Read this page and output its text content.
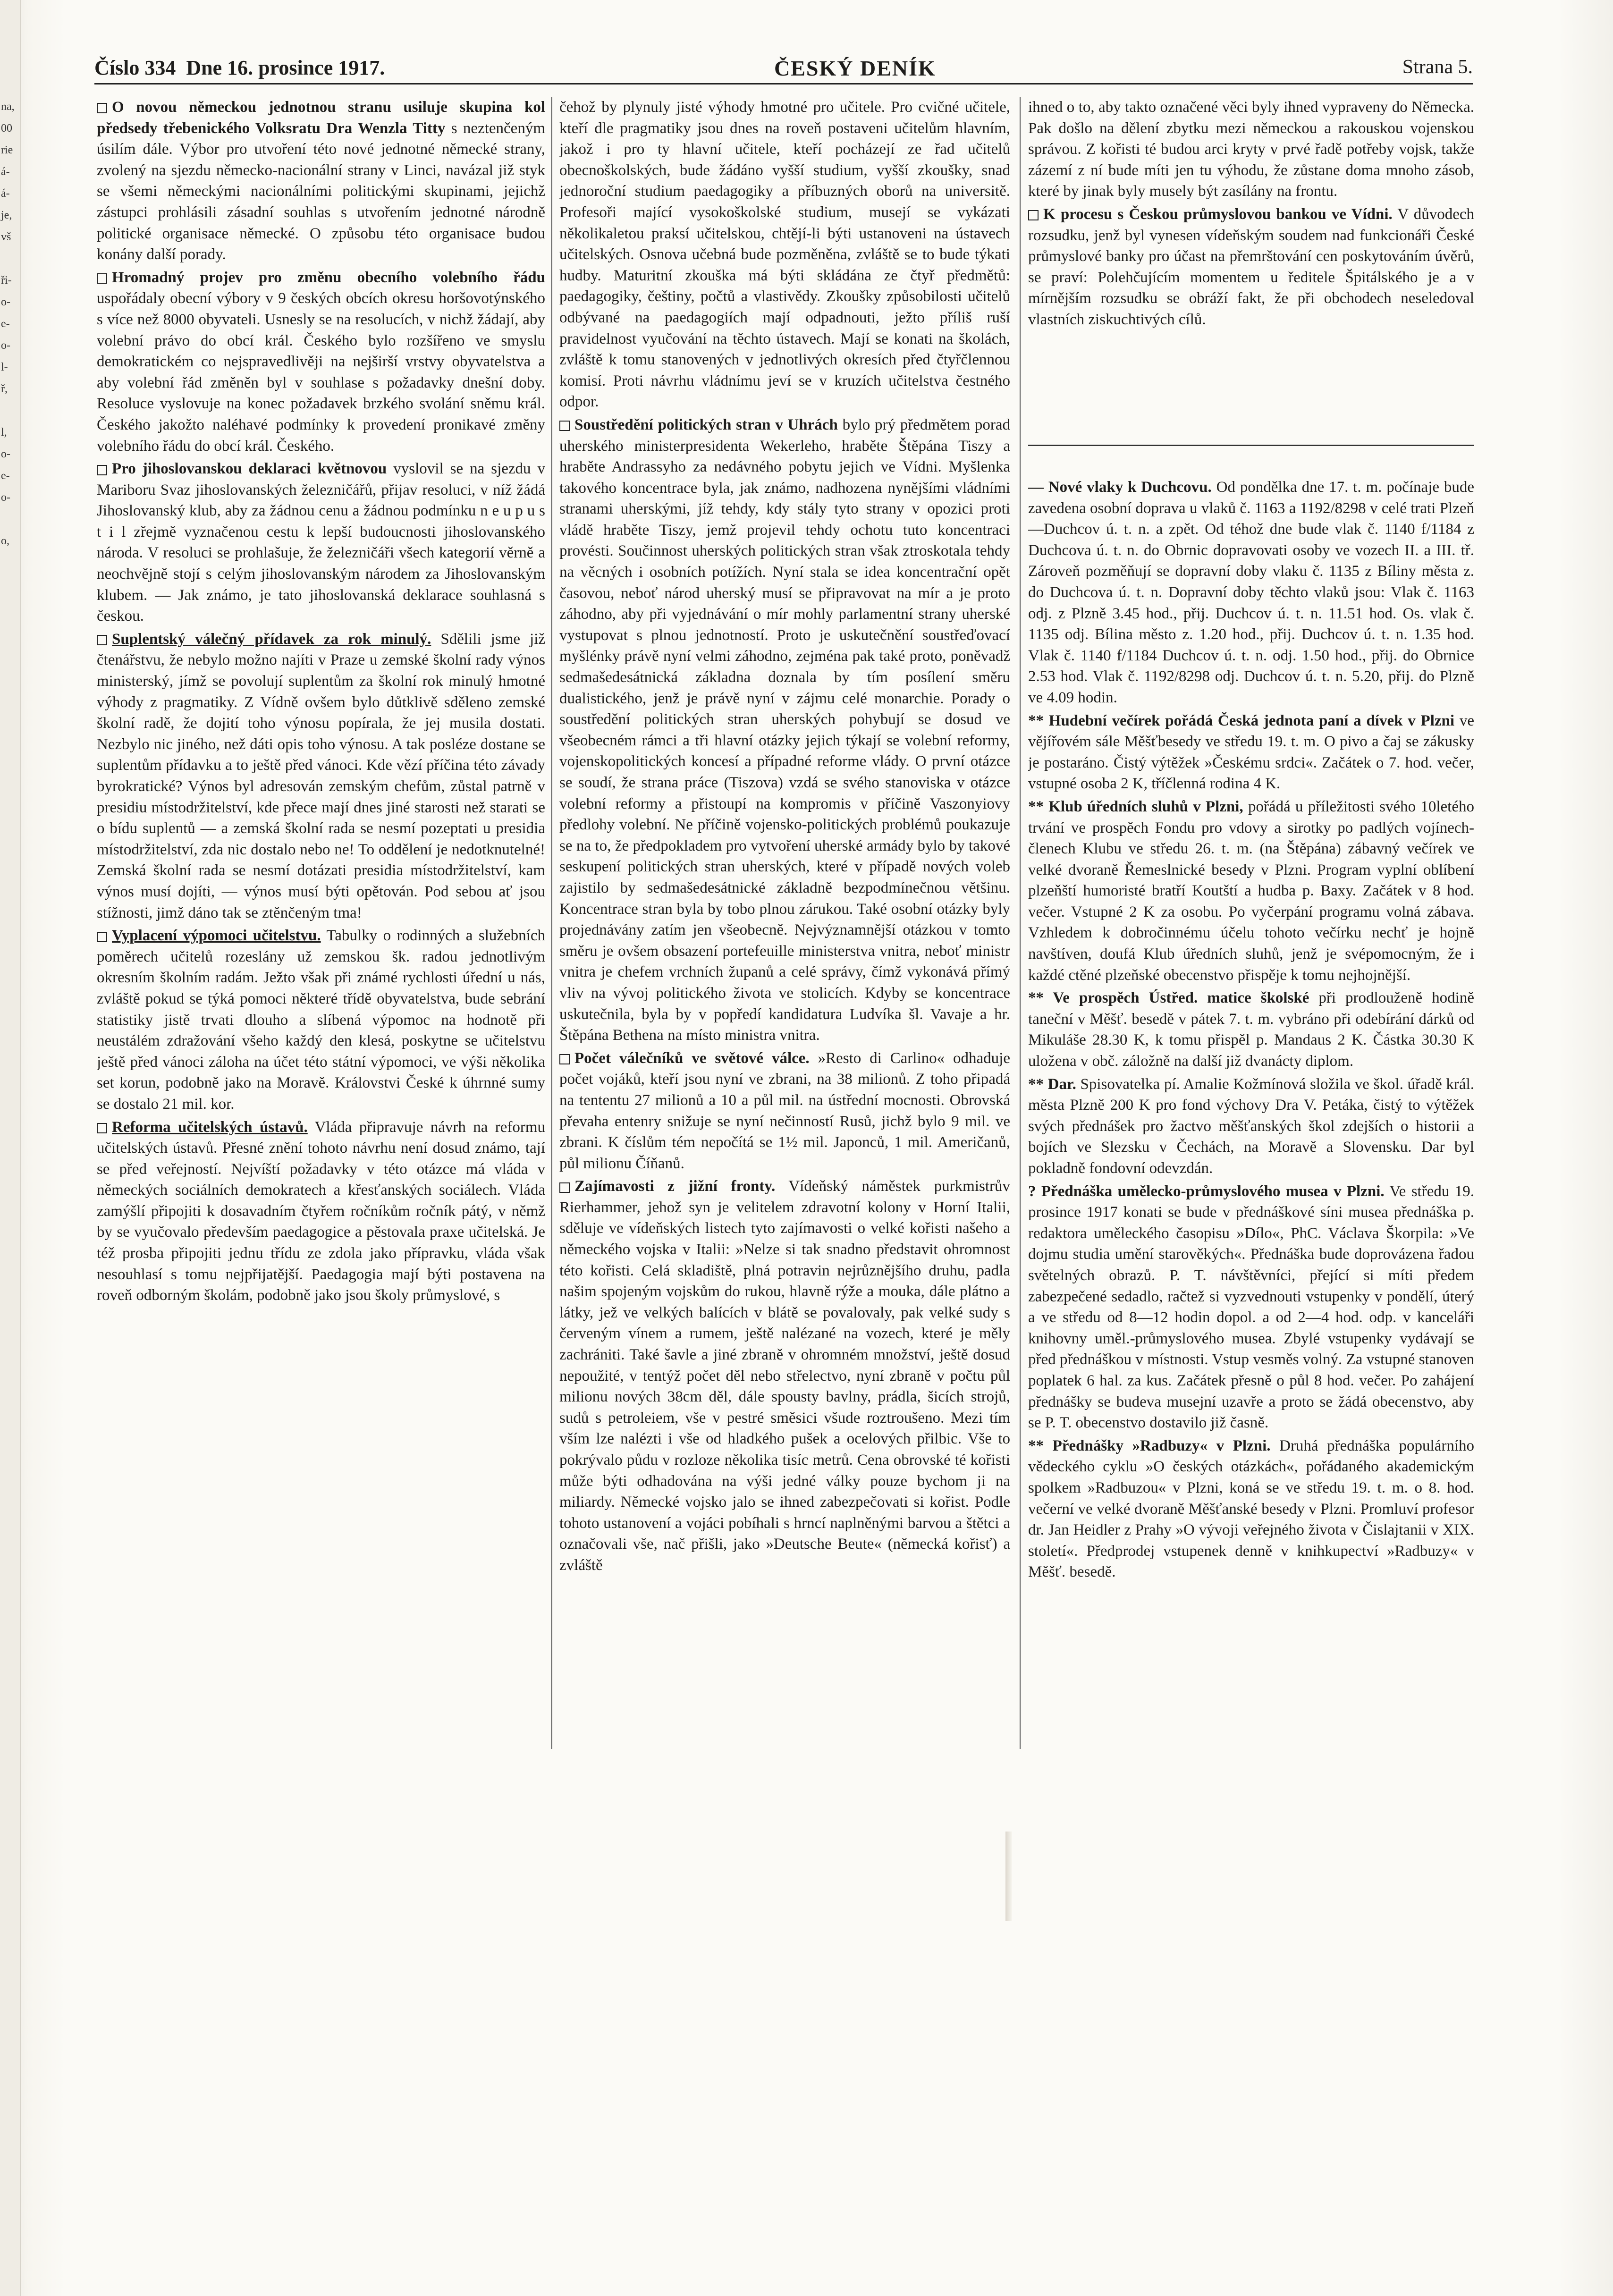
na,
00
rie
á-
á-
je,
vš
ři-
o-
e-
o-
l-
ř,
l,
o-
e-
o-
o,
Číslo 334 Dne 16. prosince 1917.	ČESKÝ DENÍK	Strana 5.

O novou německou jednotnou stranu usiluje skupina kol předsedy třebenického Volksratu Dra Wenzla Titty s neztenčeným úsilím dále. Výbor pro utvoření této nové jednotné německé strany, zvolený na sjezdu německo-nacionální strany v Linci, navázal již styk se všemi německými nacionálními politickými skupinami, jejichž zástupci prohlásili zásadní souhlas s utvořením jednotné národně politické organisace německé. O způsobu této organisace budou konány další porady.

Hromadný projev pro změnu obecního volebního řádu uspořádaly obecní výbory v 9 českých obcích okresu horšovotýnského s více než 8000 obyvateli. Usnesly se na resolucích, v nichž žádají, aby volební právo do obcí král. Českého bylo rozšířeno ve smyslu demokratickém co nejspravedlivěji na nejširší vrstvy obyvatelstva a aby volební řád změněn byl v souhlase s požadavky dnešní doby. Resoluce vyslovuje na konec požadavek brzkého svolání sněmu král. Českého jakožto naléhavé podmínky k provedení pronikavé změny volebního řádu do obcí král. Českého.

Pro jihoslovanskou deklaraci květnovou vyslovil se na sjezdu v Mariboru Svaz jihoslovanských železničářů, přijav resoluci, v níž žádá Jihoslovanský klub, aby za žádnou cenu a žádnou podmínku n e u p u s t i l zřejmě vyznačenou cestu k lepší budoucnosti jihoslovanského národa. V resoluci se prohlašuje, že železničáři všech kategorií věrně a neochvějně stojí s celým jihoslovanským národem za Jihoslovanským klubem. — Jak známo, je tato jihoslovanská deklarace souhlasná s českou.

Suplentský válečný přídavek za rok minulý. Sdělili jsme již čtenářstvu, že nebylo možno najíti v Praze u zemské školní rady výnos ministerský, jímž se povolují suplentům za školní rok minulý hmotné výhody z pragmatiky. Z Vídně ovšem bylo důtklivě sděleno zemské školní radě, že dojití toho výnosu popírala, že jej musila dostati. Nezbylo nic jiného, než dáti opis toho výnosu. A tak posléze dostane se suplentům přídavku a to ještě před vánoci. Kde vězí příčina této závady byrokratické? Výnos byl adresován zemským chefům, zůstal patrně v presidiu místodržitelství, kde přece mají dnes jiné starosti než starati se o bídu suplentů — a zemská školní rada se nesmí pozeptati u presidia místodržitelství, zda nic dostalo nebo ne! To oddělení je nedotknutelné! Zemská školní rada se nesmí dotázati presidia místodržitelství, kam výnos musí dojíti, — výnos musí býti opětován. Pod sebou ať jsou stížnosti, jimž dáno tak se ztěnčeným tma!

Vyplacení výpomoci učitelstvu. Tabulky o rodinných a služebních poměrech učitelů rozeslány už zemskou šk. radou jednotlivým okresním školním radám. Ježto však při známé rychlosti úřední u nás, zvláště pokud se týká pomoci některé třídě obyvatelstva, bude sebrání statistiky jistě trvati dlouho a slíbená výpomoc na hodnotě při neustálém zdražování všeho každý den klesá, poskytne se učitelstvu ještě před vánoci záloha na účet této státní výpomoci, ve výši několika set korun, podobně jako na Moravě. Královstvi České k úhrnné sumy se dostalo 21 mil. kor.

Reforma učitelských ústavů. Vláda připravuje návrh na reformu učitelských ústavů. Přesné znění tohoto návrhu není dosud známo, tají se před veřejností. Nejvíští požadavky v této otázce má vláda v německých sociálních demokratech a křesťanských sociálech. Vláda zamýšlí připojiti k dosavadním čtyřem ročníkům ročník pátý, v němž by se vyučovalo především paedagogice a pěstovala praxe učitelská. Je též prosba připojiti jednu třídu ze zdola jako přípravku, vláda však nesouhlasí s tomu nejpřijatější. Paedagogia mají býti postavena na roveň odborným školám, podobně jako jsou školy průmyslové, s

čehož by plynuly jisté výhody hmotné pro učitele. Pro cvičné učitele, kteří dle pragmatiky jsou dnes na roveň postaveni učitelům hlavním, jakož i pro ty hlavní učitele, kteří pocházejí ze řad učitelů obecnoškolských, bude žádáno vyšší studium, vyšší zkoušky, snad jednoroční studium paedagogiky a příbuzných oborů na universitě. Profesoři mající vysokoškolské studium, musejí se vykázati několikaletou praksí učitelskou, chtějí-li býti ustanoveni na ústavech učitelských. Osnova učebná bude pozměněna, zvláště se to bude týkati hudby. Maturitní zkouška má býti skládána ze čtyř předmětů: paedagogiky, češtiny, počtů a vlastivědy. Zkoušky způsobilosti učitelů odbývané na paedagogiích mají odpadnouti, ježto příliš ruší pravidelnost vyučování na těchto ústavech. Mají se konati na školách, zvláště k tomu stanovených v jednotlivých okresích před čtyřčlennou komisí. Proti návrhu vládnímu jeví se v kruzích učitelstva čestného odpor.

Soustředění politických stran v Uhrách bylo prý předmětem porad uherského ministerpresidenta Wekerleho, hraběte Štěpána Tiszy a hraběte Andrassyho za nedávného pobytu jejich ve Vídni. Myšlenka takového koncentrace byla, jak známo, nadhozena nynějšími vládními stranami uherskými, jíž tehdy, kdy stály tyto strany v opozici proti vládě hraběte Tiszy, jemž projevil tehdy ochotu tuto koncentraci provésti. Součinnost uherských politických stran však ztroskotala tehdy na věcných i osobních potížích. Nyní stala se idea koncentrační opět časovou, neboť národ uherský musí se připravovat na mír a je proto záhodno, aby při vyjednávání o mír mohly parlamentní strany uherské vystupovat s plnou jednotností. Proto je uskutečnění soustřeďovací myšlénky právě nyní velmi záhodno, zejména pak také proto, poněvadž sedmašedesátnická základna doznala by tím posílení směru dualistického, jenž je právě nyní v zájmu celé monarchie. Porady o soustředění politických stran uherských pohybují se dosud ve všeobecném rámci a tři hlavní otázky jejich týkají se volební reformy, vojenskopolitických koncesí a případné reforme vlády. O první otázce se soudí, že strana práce (Tiszova) vzdá se svého stanoviska v otázce volební reformy a přistoupí na kompromis v příčině Vaszonyiovy předlohy volební. Ne příčině vojensko-politických problémů poukazuje se na to, že předpokladem pro vytvoření uherské armády bylo by takové seskupení politických stran uherských, které v případě nových voleb zajistilo by sedmašedesátnické základně bezpodmínečnou většinu. Koncentrace stran byla by tobo plnou zárukou. Také osobní otázky byly projednávány zatím jen všeobecně. Nejvýznamnější otázkou v tomto směru je ovšem obsazení portefeuille ministerstva vnitra, neboť ministr vnitra je chefem vrchních županů a celé správy, čímž vykonává přímý vliv na vývoj politického života ve stolicích. Kdyby se koncentrace uskutečnila, byla by v popředí kandidatura Ludvíka šl. Vavaje a hr. Štěpána Bethena na místo ministra vnitra.

Počet válečníků ve světové válce. »Resto di Carlino« odhaduje počet vojáků, kteří jsou nyní ve zbrani, na 38 milionů. Z toho připadá na tententu 27 milionů a 10 a půl mil. na ústřední mocnosti. Obrovská převaha entenry snižuje se nyní nečinností Rusů, jichž bylo 9 mil. ve zbrani. K číslům tém nepočítá se 1½ mil. Japonců, 1 mil. Američanů, půl milionu Číňanů.

Zajímavosti z jižní fronty. Vídeňský náměstek purkmistrův Rierhammer, jehož syn je velitelem zdravotní kolony v Horní Italii, sděluje ve vídeňských listech tyto zajímavosti o velké kořisti našeho a německého vojska v Italii: »Nelze si tak snadno představit ohromnost této kořisti. Celá skladiště, plná potravin nejrůznějšího druhu, padla našim spojeným vojskům do rukou, hlavně rýže a mouka, dále plátno a látky, jež ve velkých balících v blátě se povalovaly, pak velké sudy s červeným vínem a rumem, ještě nalézané na vozech, které je měly zachrániti. Také šavle a jiné zbraně v ohromném množství, ještě dosud nepoužité, v tentýž počet děl nebo střelectvo, nyní zbraně v počtu půl milionu nových 38cm děl, dále spousty bavlny, prádla, šicích strojů, sudů s petroleiem, vše v pestré směsici všude roztroušeno. Mezi tím vším lze nalézti i vše od hladkého pušek a ocelových přilbic. Vše to pokrývalo půdu v rozloze několika tisíc metrů. Cena obrovské té kořisti může býti odhadována na výši jedné války pouze bychom ji na miliardy. Německé vojsko jalo se ihned zabezpečovati si kořist. Podle tohoto ustanovení a vojáci pobíhali s hrncí naplněnými barvou a štětci a označovali vše, nač přišli, jako »Deutsche Beute« (německá kořisť) a zvláště

ihned o to, aby takto označené věci byly ihned vypraveny do Německa. Pak došlo na dělení zbytku mezi německou a rakouskou vojenskou správou. Z kořisti té budou arci kryty v prvé řadě potřeby vojsk, takže zázemí z ní bude míti jen tu výhodu, že zůstane doma mnoho zásob, které by jinak byly musely být zasílány na frontu.

K procesu s Českou průmyslovou bankou ve Vídni. V důvodech rozsudku, jenž byl vynesen vídeňským soudem nad funkcionáři České průmyslové banky pro účast na přemrštování cen poskytováním úvěrů, se praví: Polehčujícím momentem u ředitele Špitálského je a v mírnějším rozsudku se obráží fakt, že při obchodech neseledoval vlastních ziskuchtivých cílů.

— Nové vlaky k Duchcovu. Od pondělka dne 17. t. m. počínaje bude zavedena osobní doprava u vlaků č. 1163 a 1192/8298 v celé trati Plzeň—Duchcov ú. t. n. a zpět. Od téhož dne bude vlak č. 1140 f/1184 z Duchcova ú. t. n. do Obrnic dopravovati osoby ve vozech II. a III. tř. Zároveň pozměňují se dopravní doby vlaku č. 1135 z Bíliny města z. do Duchcova ú. t. n. Dopravní doby těchto vlaků jsou: Vlak č. 1163 odj. z Plzně 3.45 hod., přij. Duchcov ú. t. n. 11.51 hod. Os. vlak č. 1135 odj. Bílina město z. 1.20 hod., přij. Duchcov ú. t. n. 1.35 hod. Vlak č. 1140 f/1184 Duchcov ú. t. n. odj. 1.50 hod., přij. do Obrnice 2.53 hod. Vlak č. 1192/8298 odj. Duchcov ú. t. n. 5.20, přij. do Plzně ve 4.09 hodin.

** Hudební večírek pořádá Česká jednota paní a dívek v Plzni ve vějířovém sále Měšťbesedy ve středu 19. t. m. O pivo a čaj se zákusky je postaráno. Čistý výtěžek »Českému srdci«. Začátek o 7. hod. večer, vstupné osoba 2 K, tříčlenná rodina 4 K.

** Klub úředních sluhů v Plzni, pořádá u příležitosti svého 10letého trvání ve prospěch Fondu pro vdovy a sirotky po padlých vojínech-členech Klubu ve středu 26. t. m. (na Štěpána) zábavný večírek ve velké dvoraně Řemeslnické besedy v Plzni. Program vyplní oblíbení plzeňští humoristé bratří Koutští a hudba p. Baxy. Začátek v 8 hod. večer. Vstupné 2 K za osobu. Po vyčerpání programu volná zábava. Vzhledem k dobročinnému účelu tohoto večírku nechť je hojně navštíven, doufá Klub úředních sluhů, jenž je svépomocným, že i každé ctěné plzeňské obecenstvo přispěje k tomu nejhojnější.

** Ve prospěch Ústřed. matice školské při prodlouženě hodině taneční v Měšť. besedě v pátek 7. t. m. vybráno při odebírání dárků od Mikuláše 28.30 K, k tomu přispěl p. Mandaus 2 K. Částka 30.30 K uložena v obč. záložně na další již dvanácty diplom.

** Dar. Spisovatelka pí. Amalie Kožmínová složila ve škol. úřadě král. města Plzně 200 K pro fond výchovy Dra V. Petáka, čistý to výtěžek svých přednášek pro žactvo měšťanských škol zdejších o historii a bojích ve Slezsku v Čechách, na Moravě a Slovensku. Dar byl pokladně fondovní odevzdán.

? Přednáška umělecko-průmyslového musea v Plzni. Ve středu 19. prosince 1917 konati se bude v přednáškové síni musea přednáška p. redaktora uměleckého časopisu »Dílo«, PhC. Václava Škorpila: »Ve dojmu studia umění starověkých«. Přednáška bude doprovázena řadou světelných obrazů. P. T. návštěvníci, přející si míti předem zabezpečené sedadlo, račtež si vyzvednouti vstupenky v pondělí, úterý a ve středu od 8—12 hodin dopol. a od 2—4 hod. odp. v kanceláři knihovny uměl.-průmyslového musea. Zbylé vstupenky vydávají se před přednáškou v místnosti. Vstup vesměs volný. Za vstupné stanoven poplatek 6 hal. za kus. Začátek přesně o půl 8 hod. večer. Po zahájení přednášky se budeva musejní uzavře a proto se žádá obecenstvo, aby se P. T. obecenstvo dostavilo již časně.

** Přednášky »Radbuzy« v Plzni. Druhá přednáška populárního vědeckého cyklu »O českých otázkách«, pořádaného akademickým spolkem »Radbuzou« v Plzni, koná se ve středu 19. t. m. o 8. hod. večerní ve velké dvoraně Měšťanské besedy v Plzni. Promluví profesor dr. Jan Heidler z Prahy »O vývoji veřejného života v Čislajtanii v XIX. století«. Předprodej vstupenek denně v knihkupectví »Radbuzy« v Měšť. besedě.
